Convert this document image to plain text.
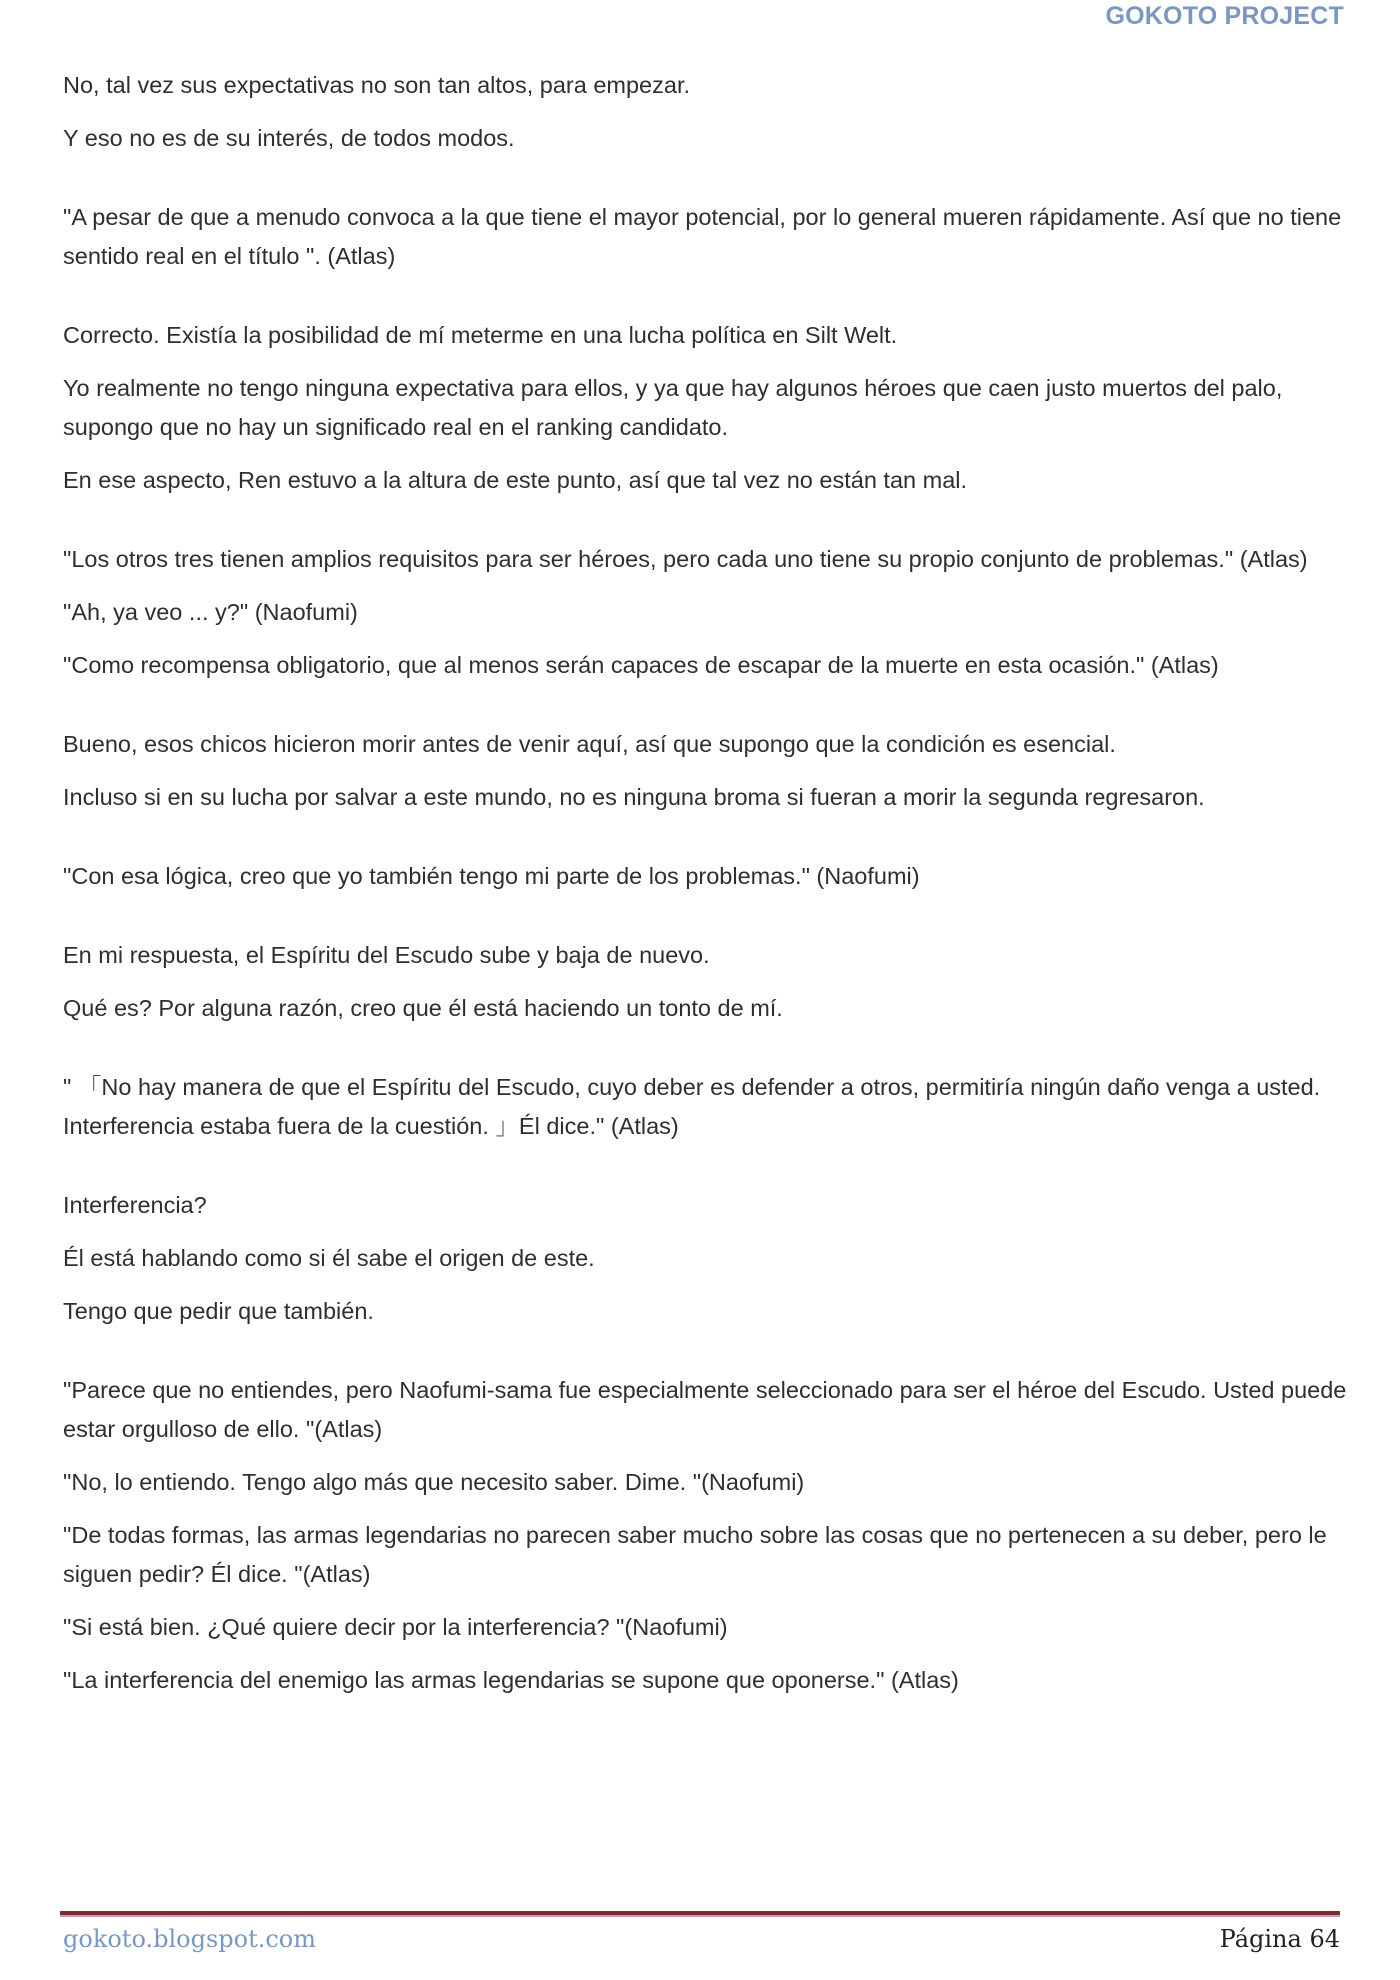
GOKOTO PROJECT

No, tal vez sus expectativas no son tan altos, para empezar.

Y eso no es de su interés, de todos modos.

"A pesar de que a menudo convoca a la que tiene el mayor potencial, por lo general mueren rápidamente. Así que no tiene sentido real en el título ". (Atlas)

Correcto. Existía la posibilidad de mí meterme en una lucha política en Silt Welt.

Yo realmente no tengo ninguna expectativa para ellos, y ya que hay algunos héroes que caen justo muertos del palo, supongo que no hay un significado real en el ranking candidato.

En ese aspecto, Ren estuvo a la altura de este punto, así que tal vez no están tan mal.

"Los otros tres tienen amplios requisitos para ser héroes, pero cada uno tiene su propio conjunto de problemas." (Atlas)

"Ah, ya veo ... y?" (Naofumi)

"Como recompensa obligatorio, que al menos serán capaces de escapar de la muerte en esta ocasión." (Atlas)

Bueno, esos chicos hicieron morir antes de venir aquí, así que supongo que la condición es esencial.

Incluso si en su lucha por salvar a este mundo, no es ninguna broma si fueran a morir la segunda regresaron.

"Con esa lógica, creo que yo también tengo mi parte de los problemas." (Naofumi)

En mi respuesta, el Espíritu del Escudo sube y baja de nuevo.

Qué es? Por alguna razón, creo que él está haciendo un tonto de mí.

" 「No hay manera de que el Espíritu del Escudo, cuyo deber es defender a otros, permitiría ningún daño venga a usted. Interferencia estaba fuera de la cuestión. 」Él dice." (Atlas)

Interferencia?

Él está hablando como si él sabe el origen de este.

Tengo que pedir que también.

"Parece que no entiendes, pero Naofumi-sama fue especialmente seleccionado para ser el héroe del Escudo. Usted puede estar orgulloso de ello. "(Atlas)

"No, lo entiendo. Tengo algo más que necesito saber. Dime. "(Naofumi)

"De todas formas, las armas legendarias no parecen saber mucho sobre las cosas que no pertenecen a su deber, pero le siguen pedir? Él dice. "(Atlas)

"Si está bien. ¿Qué quiere decir por la interferencia? "(Naofumi)

"La interferencia del enemigo las armas legendarias se supone que oponerse." (Atlas)

gokoto.blogspot.com	Página 64
